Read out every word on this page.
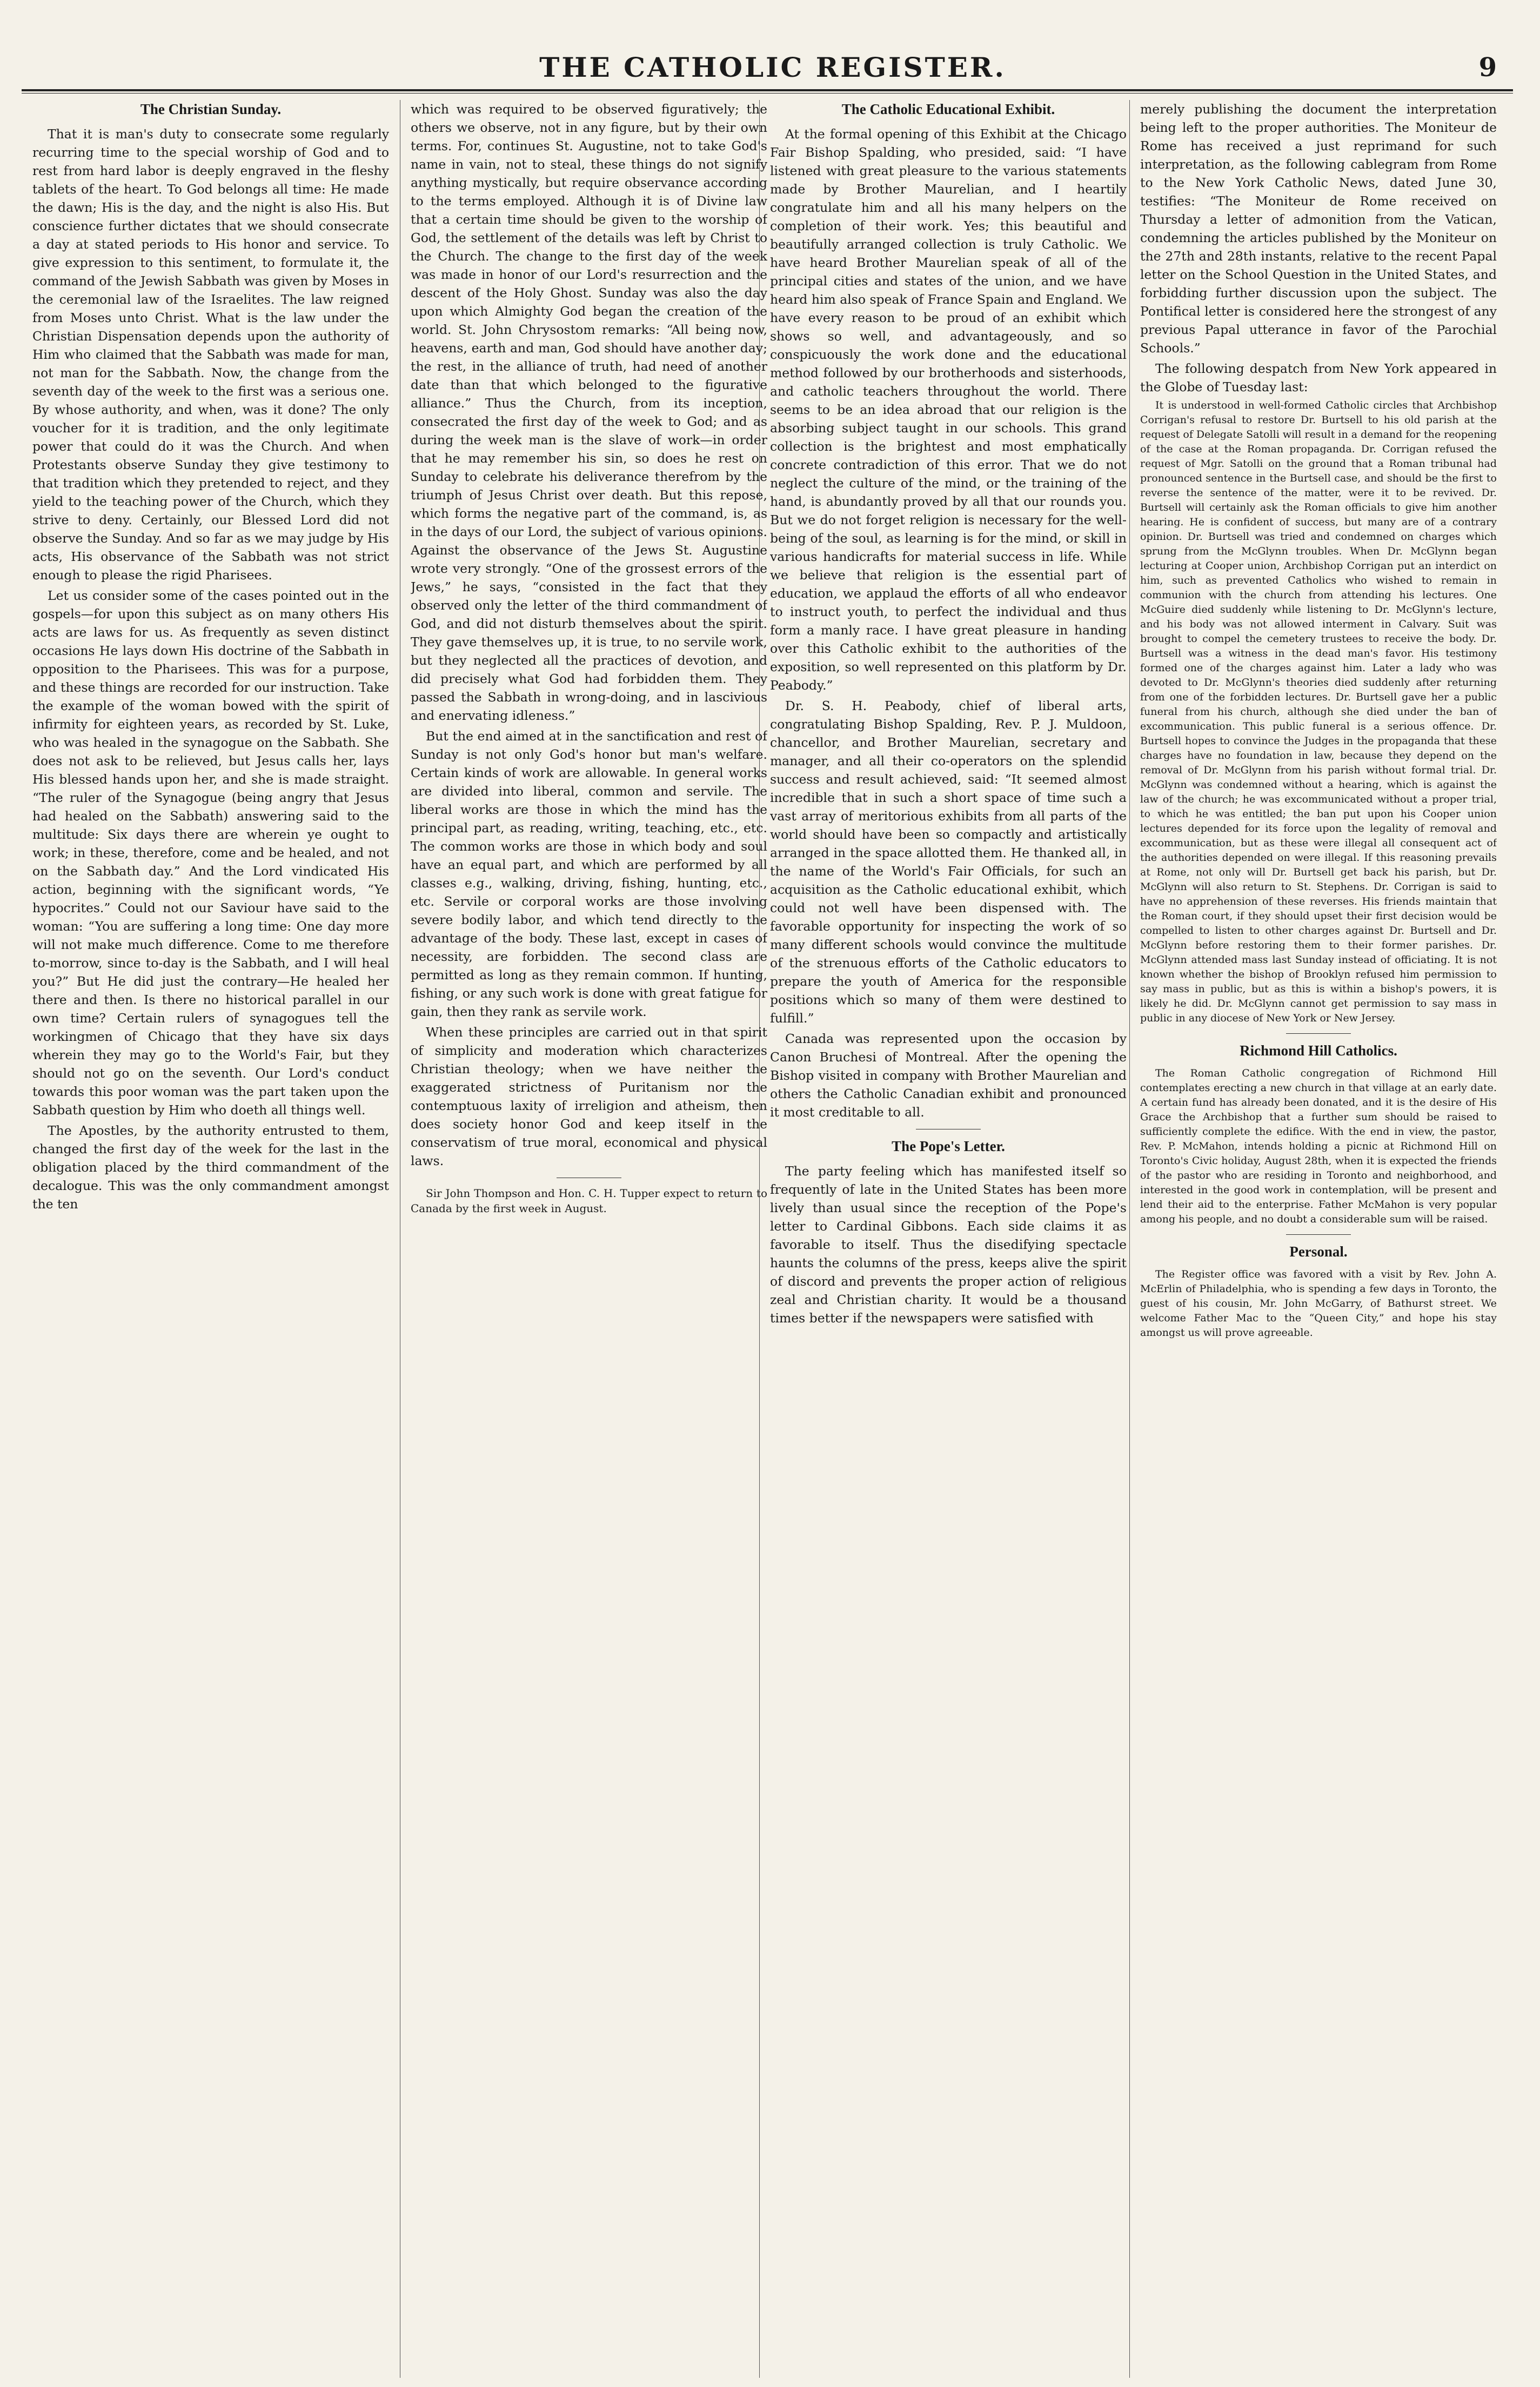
THE CATHOLIC REGISTER.	9
The Christian Sunday.

That it is man's duty to consecrate some regularly recurring time to the special worship of God and to rest from hard labor is deeply engraved in the fleshy tablets of the heart. To God belongs all time: He made the dawn; His is the day, and the night is also His. But conscience further dictates that we should consecrate a day at stated periods to His honor and service. To give expression to this sentiment, to formulate it, the command of the Jewish Sabbath was given by Moses in the ceremonial law of the Israelites. The law reigned from Moses unto Christ. What is the law under the Christian Dispensation depends upon the authority of Him who claimed that the Sabbath was made for man, not man for the Sabbath. Now, the change from the seventh day of the week to the first was a serious one. By whose authority, and when, was it done? The only voucher for it is tradition, and the only legitimate power that could do it was the Church. And when Protestants observe Sunday they give testimony to that tradition which they pretended to reject, and they yield to the teaching power of the Church, which they strive to deny. Certainly, our Blessed Lord did not observe the Sunday. And so far as we may judge by His acts, His observance of the Sabbath was not strict enough to please the rigid Pharisees.

Let us consider some of the cases pointed out in the gospels—for upon this subject as on many others His acts are laws for us. As frequently as seven distinct occasions He lays down His doctrine of the Sabbath in opposition to the Pharisees. This was for a purpose, and these things are recorded for our instruction. Take the example of the woman bowed with the spirit of infirmity for eighteen years, as recorded by St. Luke, who was healed in the synagogue on the Sabbath. She does not ask to be relieved, but Jesus calls her, lays His blessed hands upon her, and she is made straight. “The ruler of the Synagogue (being angry that Jesus had healed on the Sabbath) answering said to the multitude: Six days there are wherein ye ought to work; in these, therefore, come and be healed, and not on the Sabbath day.” And the Lord vindicated His action, beginning with the significant words, “Ye hypocrites.” Could not our Saviour have said to the woman: “You are suffering a long time: One day more will not make much difference. Come to me therefore to-morrow, since to-day is the Sabbath, and I will heal you?” But He did just the contrary—He healed her there and then. Is there no historical parallel in our own time? Certain rulers of synagogues tell the workingmen of Chicago that they have six days wherein they may go to the World's Fair, but they should not go on the seventh. Our Lord's conduct towards this poor woman was the part taken upon the Sabbath question by Him who doeth all things well.

The Apostles, by the authority entrusted to them, changed the first day of the week for the last in the obligation placed by the third commandment of the decalogue. This was the only commandment amongst the ten

which was required to be observed figuratively; the others we observe, not in any figure, but by their own terms. For, continues St. Augustine, not to take God's name in vain, not to steal, these things do not signify anything mystically, but require observance according to the terms employed. Although it is of Divine law that a certain time should be given to the worship of God, the settlement of the details was left by Christ to the Church. The change to the first day of the week was made in honor of our Lord's resurrection and the descent of the Holy Ghost. Sunday was also the day upon which Almighty God began the creation of the world. St. John Chrysostom remarks: “All being now, heavens, earth and man, God should have another day; the rest, in the alliance of truth, had need of another date than that which belonged to the figurative alliance.” Thus the Church, from its inception, consecrated the first day of the week to God; and as during the week man is the slave of work—in order that he may remember his sin, so does he rest on Sunday to celebrate his deliverance therefrom by the triumph of Jesus Christ over death. But this repose, which forms the negative part of the command, is, as in the days of our Lord, the subject of various opinions. Against the observance of the Jews St. Augustine wrote very strongly. “One of the grossest errors of the Jews,” he says, “consisted in the fact that they observed only the letter of the third commandment of God, and did not disturb themselves about the spirit. They gave themselves up, it is true, to no servile work, but they neglected all the practices of devotion, and did precisely what God had forbidden them. They passed the Sabbath in wrong-doing, and in lascivious and enervating idleness.”

But the end aimed at in the sanctification and rest of Sunday is not only God's honor but man's welfare. Certain kinds of work are allowable. In general works are divided into liberal, common and servile. The liberal works are those in which the mind has the principal part, as reading, writing, teaching, etc., etc. The common works are those in which body and soul have an equal part, and which are performed by all classes e.g., walking, driving, fishing, hunting, etc., etc. Servile or corporal works are those involving severe bodily labor, and which tend directly to the advantage of the body. These last, except in cases of necessity, are forbidden. The second class are permitted as long as they remain common. If hunting, fishing, or any such work is done with great fatigue for gain, then they rank as servile work.

When these principles are carried out in that spirit of simplicity and moderation which characterizes Christian theology; when we have neither the exaggerated strictness of Puritanism nor the contemptuous laxity of irreligion and atheism, then does society honor God and keep itself in the conservatism of true moral, economical and physical laws.

Sir John Thompson and Hon. C. H. Tupper expect to return to Canada by the first week in August.

The Catholic Educational Exhibit.

At the formal opening of this Exhibit at the Chicago Fair Bishop Spalding, who presided, said: “I have listened with great pleasure to the various statements made by Brother Maurelian, and I heartily congratulate him and all his many helpers on the completion of their work. Yes; this beautiful and beautifully arranged collection is truly Catholic. We have heard Brother Maurelian speak of all of the principal cities and states of the union, and we have heard him also speak of France Spain and England. We have every reason to be proud of an exhibit which shows so well, and advantageously, and so conspicuously the work done and the educational method followed by our brotherhoods and sisterhoods, and catholic teachers throughout the world. There seems to be an idea abroad that our religion is the absorbing subject taught in our schools. This grand collection is the brightest and most emphatically concrete contradiction of this error. That we do not neglect the culture of the mind, or the training of the hand, is abundantly proved by all that our rounds you. But we do not forget religion is necessary for the well-being of the soul, as learning is for the mind, or skill in various handicrafts for material success in life. While we believe that religion is the essential part of education, we applaud the efforts of all who endeavor to instruct youth, to perfect the individual and thus form a manly race. I have great pleasure in handing over this Catholic exhibit to the authorities of the exposition, so well represented on this platform by Dr. Peabody.”

Dr. S. H. Peabody, chief of liberal arts, congratulating Bishop Spalding, Rev. P. J. Muldoon, chancellor, and Brother Maurelian, secretary and manager, and all their co-operators on the splendid success and result achieved, said: “It seemed almost incredible that in such a short space of time such a vast array of meritorious exhibits from all parts of the world should have been so compactly and artistically arranged in the space allotted them. He thanked all, in the name of the World's Fair Officials, for such an acquisition as the Catholic educational exhibit, which could not well have been dispensed with. The favorable opportunity for inspecting the work of so many different schools would convince the multitude of the strenuous efforts of the Catholic educators to prepare the youth of America for the responsible positions which so many of them were destined to fulfill.”

Canada was represented upon the occasion by Canon Bruchesi of Montreal. After the opening the Bishop visited in company with Brother Maurelian and others the Catholic Canadian exhibit and pronounced it most creditable to all.

The Pope's Letter.

The party feeling which has manifested itself so frequently of late in the United States has been more lively than usual since the reception of the Pope's letter to Cardinal Gibbons. Each side claims it as favorable to itself. Thus the disedifying spectacle haunts the columns of the press, keeps alive the spirit of discord and prevents the proper action of religious zeal and Christian charity. It would be a thousand times better if the newspapers were satisfied with

merely publishing the document the interpretation being left to the proper authorities. The Moniteur de Rome has received a just reprimand for such interpretation, as the following cablegram from Rome to the New York Catholic News, dated June 30, testifies: “The Moniteur de Rome received on Thursday a letter of admonition from the Vatican, condemning the articles published by the Moniteur on the 27th and 28th instants, relative to the recent Papal letter on the School Question in the United States, and forbidding further discussion upon the subject. The Pontifical letter is considered here the strongest of any previous Papal utterance in favor of the Parochial Schools.”

The following despatch from New York appeared in the Globe of Tuesday last:

It is understood in well-formed Catholic circles that Archbishop Corrigan's refusal to restore Dr. Burtsell to his old parish at the request of Delegate Satolli will result in a demand for the reopening of the case at the Roman propaganda. Dr. Corrigan refused the request of Mgr. Satolli on the ground that a Roman tribunal had pronounced sentence in the Burtsell case, and should be the first to reverse the sentence of the matter, were it to be revived. Dr. Burtsell will certainly ask the Roman officials to give him another hearing. He is confident of success, but many are of a contrary opinion. Dr. Burtsell was tried and condemned on charges which sprung from the McGlynn troubles. When Dr. McGlynn began lecturing at Cooper union, Archbishop Corrigan put an interdict on him, such as prevented Catholics who wished to remain in communion with the church from attending his lectures. One McGuire died suddenly while listening to Dr. McGlynn's lecture, and his body was not allowed interment in Calvary. Suit was brought to compel the cemetery trustees to receive the body. Dr. Burtsell was a witness in the dead man's favor. His testimony formed one of the charges against him. Later a lady who was devoted to Dr. McGlynn's theories died suddenly after returning from one of the forbidden lectures. Dr. Burtsell gave her a public funeral from his church, although she died under the ban of excommunication. This public funeral is a serious offence. Dr. Burtsell hopes to convince the Judges in the propaganda that these charges have no foundation in law, because they depend on the removal of Dr. McGlynn from his parish without formal trial. Dr. McGlynn was condemned without a hearing, which is against the law of the church; he was excommunicated without a proper trial, to which he was entitled; the ban put upon his Cooper union lectures depended for its force upon the legality of removal and excommunication, but as these were illegal all consequent act of the authorities depended on were illegal. If this reasoning prevails at Rome, not only will Dr. Burtsell get back his parish, but Dr. McGlynn will also return to St. Stephens. Dr. Corrigan is said to have no apprehension of these reverses. His friends maintain that the Roman court, if they should upset their first decision would be compelled to listen to other charges against Dr. Burtsell and Dr. McGlynn before restoring them to their former parishes. Dr. McGlynn attended mass last Sunday instead of officiating. It is not known whether the bishop of Brooklyn refused him permission to say mass in public, but as this is within a bishop's powers, it is likely he did. Dr. McGlynn cannot get permission to say mass in public in any diocese of New York or New Jersey.

Richmond Hill Catholics.

The Roman Catholic congregation of Richmond Hill contemplates erecting a new church in that village at an early date. A certain fund has already been donated, and it is the desire of His Grace the Archbishop that a further sum should be raised to sufficiently complete the edifice. With the end in view, the pastor, Rev. P. McMahon, intends holding a picnic at Richmond Hill on Toronto's Civic holiday, August 28th, when it is expected the friends of the pastor who are residing in Toronto and neighborhood, and interested in the good work in contemplation, will be present and lend their aid to the enterprise. Father McMahon is very popular among his people, and no doubt a considerable sum will be raised.

Personal.

The Register office was favored with a visit by Rev. John A. McErlin of Philadelphia, who is spending a few days in Toronto, the guest of his cousin, Mr. John McGarry, of Bathurst street. We welcome Father Mac to the “Queen City,” and hope his stay amongst us will prove agreeable.
